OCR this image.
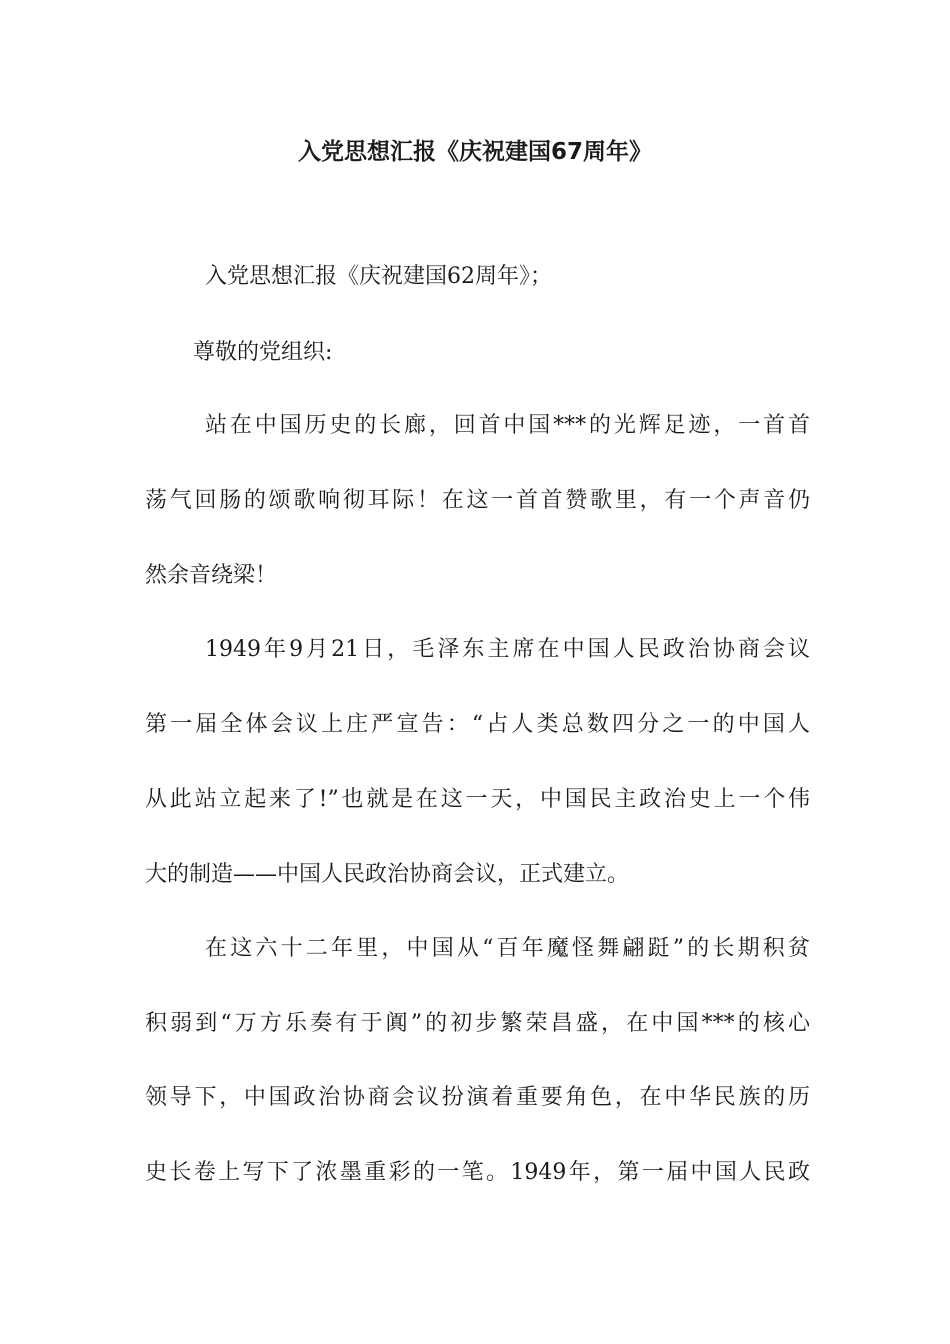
入党思想汇报《庆祝建国67周年》

入党思想汇报《庆祝建国62周年》；

尊敬的党组织:

站在中国历史的长廊，回首中国***的光辉足迹，一首首

荡气回肠的颂歌响彻耳际！在这一首首赞歌里，有一个声音仍

然余音绕梁！

1949年9月21日，毛泽东主席在中国人民政治协商会议

第一届全体会议上庄严宣告：“占人类总数四分之一的中国人

从此站立起来了!”也就是在这一天，中国民主政治史上一个伟

大的制造——中国人民政治协商会议，正式建立。

在这六十二年里，中国从“百年魔怪舞翩跹”的长期积贫

积弱到“万方乐奏有于阗”的初步繁荣昌盛，在中国***的核心

领导下，中国政治协商会议扮演着重要角色，在中华民族的历

史长卷上写下了浓墨重彩的一笔。1949年，第一届中国人民政
